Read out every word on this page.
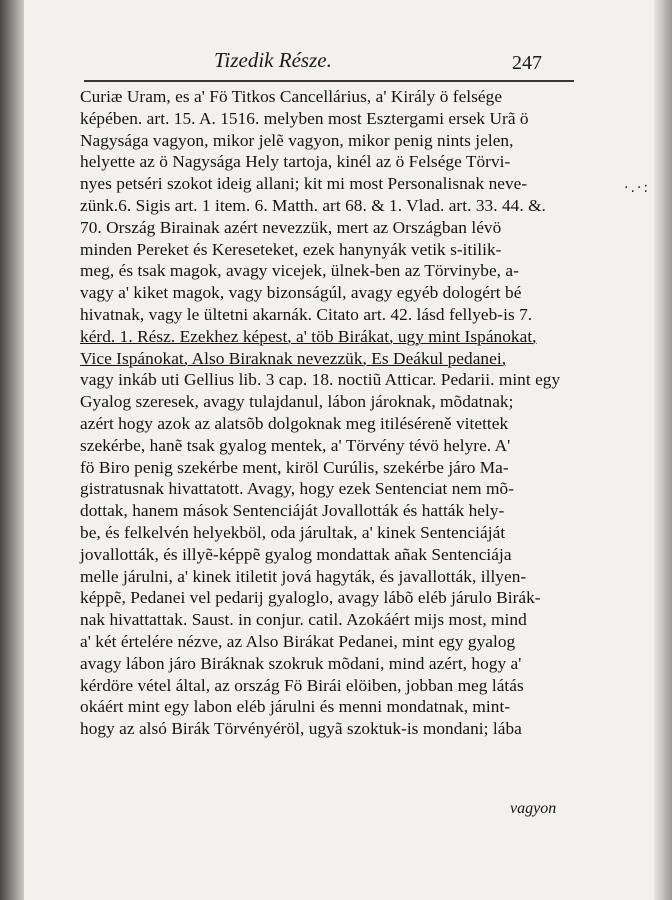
Tizedik Része.	247
Curiæ Uram, es a' Fö Titkos Cancellárius, a' Király ö felsége
képében. art. 15. A. 1516. melyben most Esztergami ersek Urã ö
Nagysága vagyon, mikor jelẽ vagyon, mikor penig nints jelen,
helyette az ö Nagysága Hely tartoja, kinél az ö Felsége Törvi-
nyes petséri szokot ideig allani; kit mi most Personalisnak neve-
zünk.6. Sigis art. 1 item. 6. Matth. art 68. & 1. Vlad. art. 33. 44. &.
70. Ország Birainak azért nevezzük, mert az Országban lévö
minden Pereket és Kereseteket, ezek hanynyák vetik s-itilik-
meg, és tsak magok, avagy vicejek, ülnek-ben az Törvinybe, a-
vagy a' kiket magok, vagy bizonságúl, avagy egyéb dologért bé
hivatnak, vagy le ültetni akarnák. Citato art. 42. lásd fellyeb-is 7.
kérd. 1. Rész. Ezekhez képest, a' töb Birákat, ugy mint Ispánokat,
Vice Ispánokat, Also Biraknak nevezzük, Es Deákul pedanei,
vagy inkáb uti Gellius lib. 3 cap. 18. noctiũ Atticar. Pedarii. mint egy
Gyalog szeresek, avagy tulajdanul, lábon jároknak, mõdatnak;
azért hogy azok az alatsõb dolgoknak meg itiléséreně vitettek
szekérbe, hanẽ tsak gyalog mentek, a' Törvény tévö helyre. A'
fö Biro penig szekérbe ment, kiröl Curúlis, szekérbe járo Ma-
gistratusnak hivattatott. Avagy, hogy ezek Sentenciat nem mõ-
dottak, hanem mások Sentenciáját Jovallották és hatták hely-
be, és felkelvén helyekböl, oda járultak, a' kinek Sentenciáját
jovallották, és illyẽ-képpẽ gyalog mondattak añak Sentenciája
melle járulni, a' kinek itiletit jová hagyták, és javallották, illyen-
képpẽ, Pedanei vel pedarij gyaloglo, avagy lábõ eléb járulo Birák-
nak hivattattak. Saust. in conjur. catil. Azokáért mijs most, mind
a' két értelére nézve, az Also Birákat Pedanei, mint egy gyalog
avagy lábon járo Biráknak szokruk mõdani, mind azért, hogy a'
kérdöre vétel által, az ország Fö Birái elöiben, jobban meg látás
okáért mint egy labon eléb járulni és menni mondatnak, mint-
hogy az alsó Birák Törvényéröl, ugyã szoktuk-is mondani; lába
·.·:
vagyon
